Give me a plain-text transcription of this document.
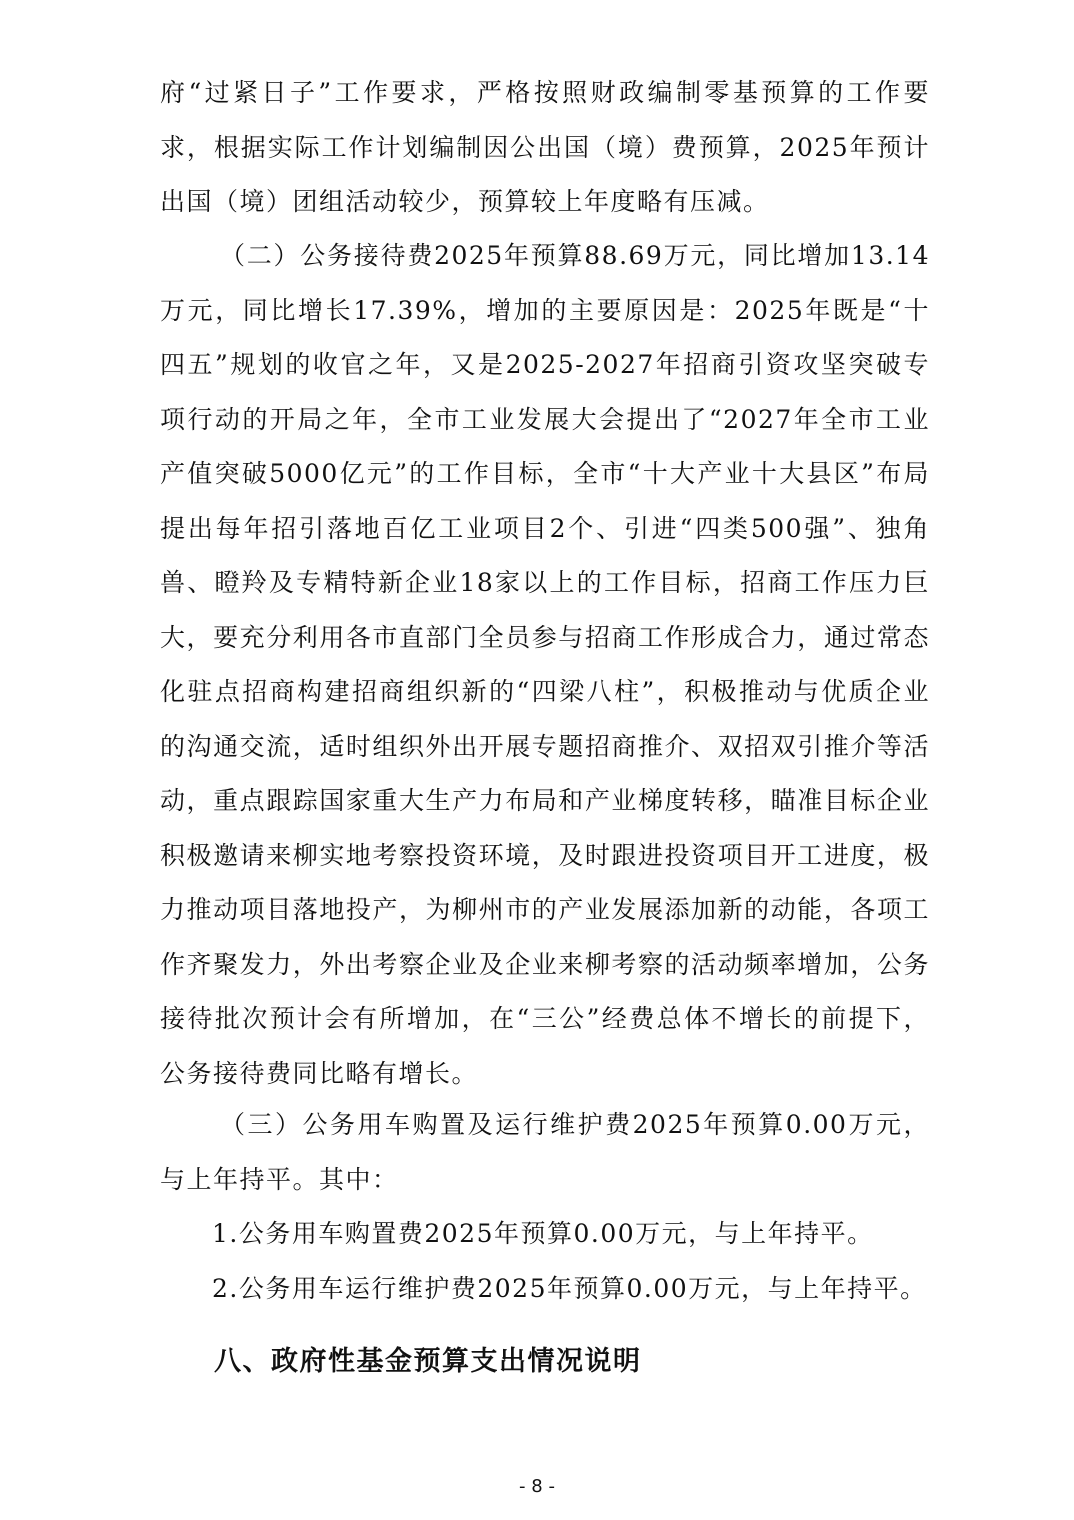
府“过紧日子”工作要求，严格按照财政编制零基预算的工作要求，根据实际工作计划编制因公出国（境）费预算，2025年预计出国（境）团组活动较少，预算较上年度略有压减。

（二）公务接待费2025年预算88.69万元，同比增加13.14万元，同比增长17.39%，增加的主要原因是：2025年既是“十四五”规划的收官之年，又是2025-2027年招商引资攻坚突破专项行动的开局之年，全市工业发展大会提出了“2027年全市工业产值突破5000亿元”的工作目标，全市“十大产业十大县区”布局提出每年招引落地百亿工业项目2个、引进“四类500强”、独角兽、瞪羚及专精特新企业18家以上的工作目标，招商工作压力巨大，要充分利用各市直部门全员参与招商工作形成合力，通过常态化驻点招商构建招商组织新的“四梁八柱”，积极推动与优质企业的沟通交流，适时组织外出开展专题招商推介、双招双引推介等活动，重点跟踪国家重大生产力布局和产业梯度转移，瞄准目标企业积极邀请来柳实地考察投资环境，及时跟进投资项目开工进度，极力推动项目落地投产，为柳州市的产业发展添加新的动能，各项工作齐聚发力，外出考察企业及企业来柳考察的活动频率增加，公务接待批次预计会有所增加，在“三公”经费总体不增长的前提下，公务接待费同比略有增长。

（三）公务用车购置及运行维护费2025年预算0.00万元，与上年持平。其中：

1.公务用车购置费2025年预算0.00万元，与上年持平。

2.公务用车运行维护费2025年预算0.00万元，与上年持平。

八、政府性基金预算支出情况说明

- 8 -
